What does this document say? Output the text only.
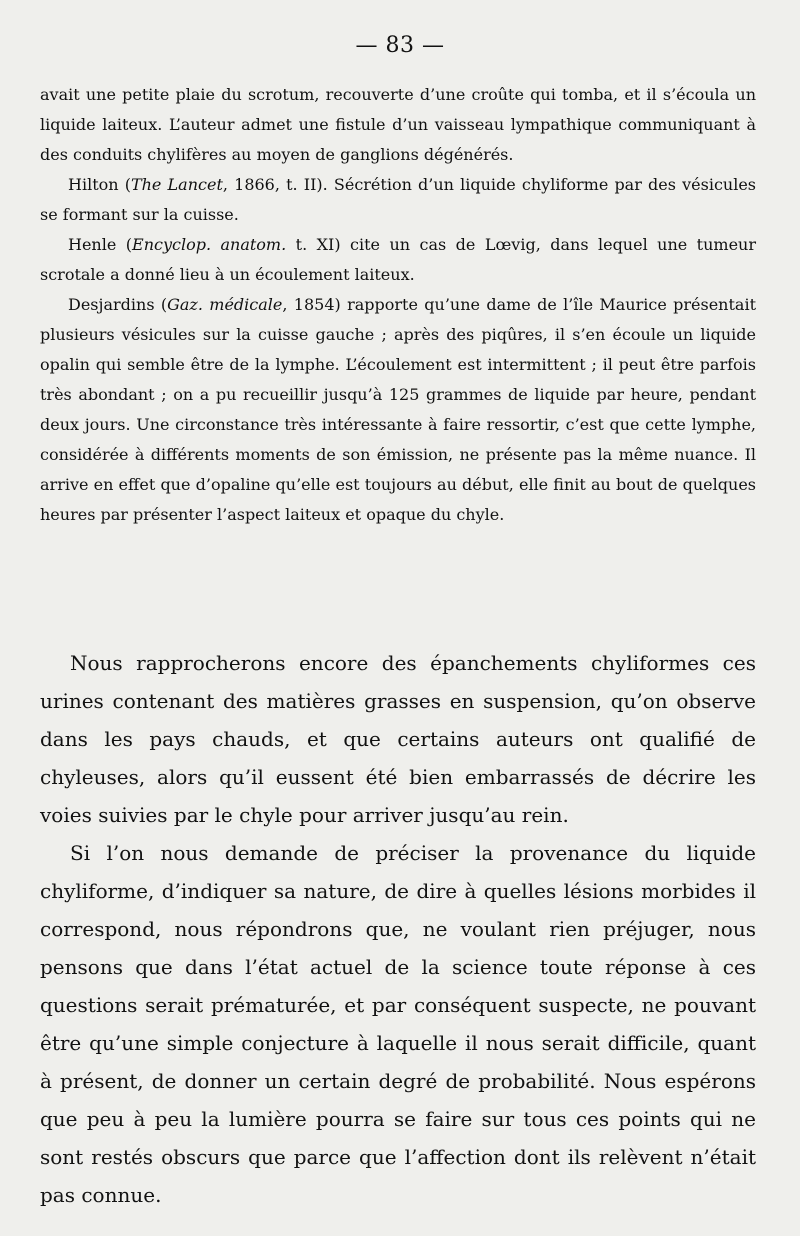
— 83 —

avait une petite plaie du scrotum, recouverte d’une croûte qui tomba, et il s’écoula un liquide laiteux. L’auteur admet une fistule d’un vaisseau lympathique communiquant à des conduits chylifères au moyen de ganglions dégénérés.

Hilton (The Lancet, 1866, t. II). Sécrétion d’un liquide chyliforme par des vésicules se formant sur la cuisse.

Henle (Encyclop. anatom. t. XI) cite un cas de Lœvig, dans lequel une tumeur scrotale a donné lieu à un écoulement laiteux.

Desjardins (Gaz. médicale, 1854) rapporte qu’une dame de l’île Maurice présentait plusieurs vésicules sur la cuisse gauche ; après des piqûres, il s’en écoule un liquide opalin qui semble être de la lymphe. L’écoulement est intermittent ; il peut être parfois très abondant ; on a pu recueillir jusqu’à 125 grammes de liquide par heure, pendant deux jours. Une circonstance très intéressante à faire ressortir, c’est que cette lymphe, considérée à différents moments de son émission, ne présente pas la même nuance. Il arrive en effet que d’opaline qu’elle est toujours au début, elle finit au bout de quelques heures par présenter l’aspect laiteux et opaque du chyle.

Nous rapprocherons encore des épanchements chyliformes ces urines contenant des matières grasses en suspension, qu’on observe dans les pays chauds, et que certains auteurs ont qualifié de chyleuses, alors qu’il eussent été bien embarrassés de décrire les voies suivies par le chyle pour arriver jusqu’au rein.

Si l’on nous demande de préciser la provenance du liquide chyliforme, d’indiquer sa nature, de dire à quelles lésions morbides il correspond, nous répondrons que, ne voulant rien préjuger, nous pensons que dans l’état actuel de la science toute réponse à ces questions serait prématurée, et par conséquent suspecte, ne pouvant être qu’une simple conjecture à laquelle il nous serait difficile, quant à présent, de donner un certain degré de probabilité. Nous espérons que peu à peu la lumière pourra se faire sur tous ces points qui ne sont restés obscurs que parce que l’affection dont ils relèvent n’était pas connue.
